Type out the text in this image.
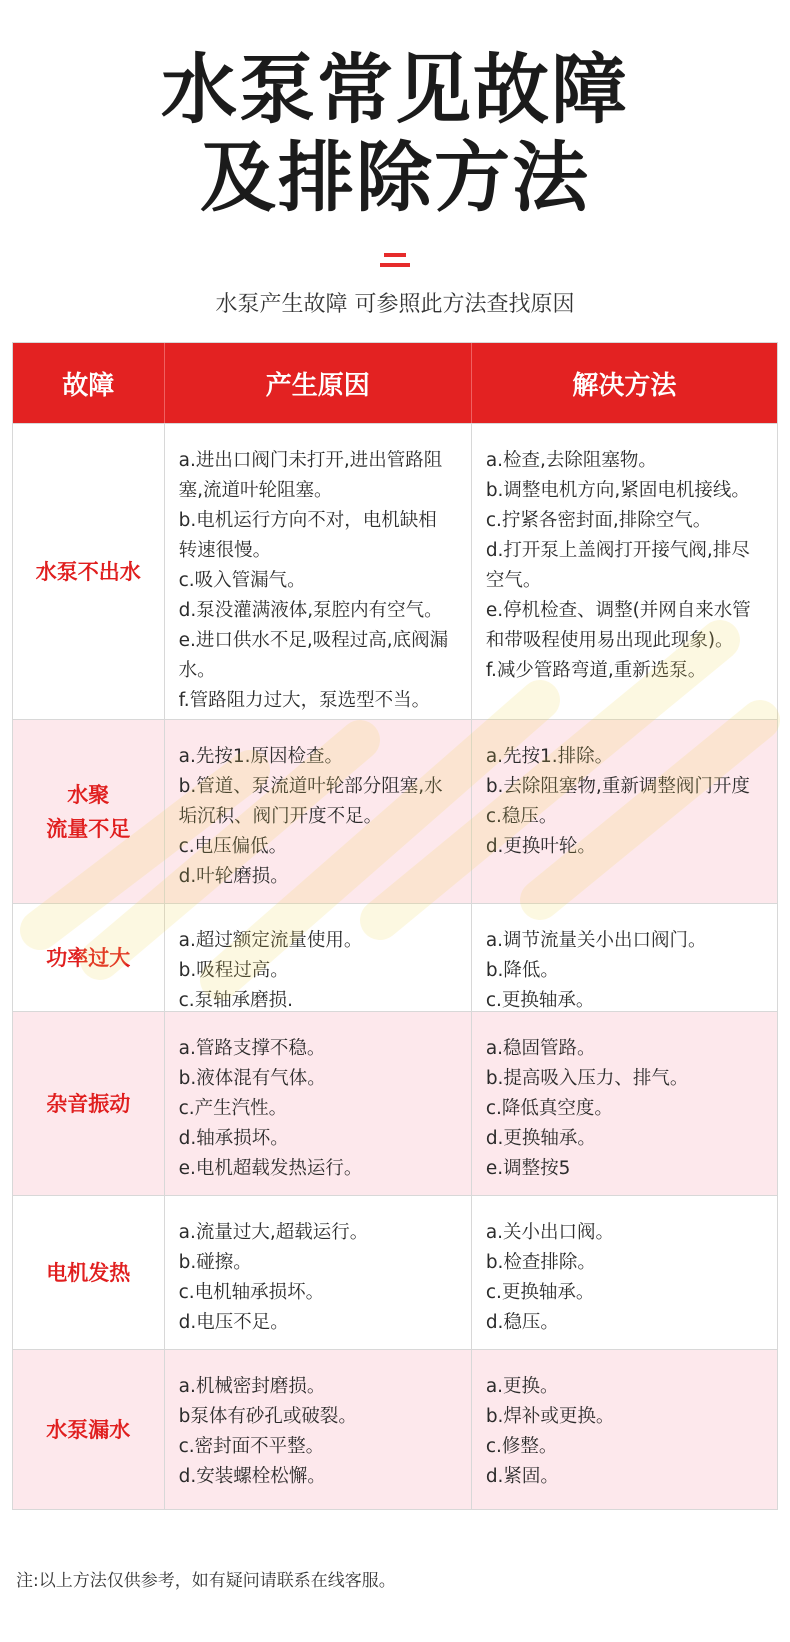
水泵常见故障
及排除方法
水泵产生故障 可参照此方法查找原因
故障	产生原因	解决方法
水泵不出水
a.进出口阀门未打开,进出管路阻
塞,流道叶轮阻塞。
b.电机运行方向不对，电机缺相
转速很慢。
c.吸入管漏气。
d.泵没灌满液体,泵腔内有空气。
e.进口供水不足,吸程过高,底阀漏
水。
f.管路阻力过大，泵选型不当。
a.检查,去除阻塞物。
b.调整电机方向,紧固电机接线。
c.拧紧各密封面,排除空气。
d.打开泵上盖阀打开接气阀,排尽
空气。
e.停机检查、调整(并网自来水管
和带吸程使用易出现此现象)。
f.减少管路弯道,重新选泵。
水聚
流量不足
a.先按1.原因检查。
b.管道、泵流道叶轮部分阻塞,水
垢沉积、阀门开度不足。
c.电压偏低。
d.叶轮磨损。
a.先按1.排除。
b.去除阻塞物,重新调整阀门开度
c.稳压。
d.更换叶轮。
功率过大
a.超过额定流量使用。
b.吸程过高。
c.泵轴承磨损.
a.调节流量关小出口阀门。
b.降低。
c.更换轴承。
杂音振动
a.管路支撑不稳。
b.液体混有气体。
c.产生汽性。
d.轴承损坏。
e.电机超载发热运行。
a.稳固管路。
b.提高吸入压力、排气。
c.降低真空度。
d.更换轴承。
e.调整按5
电机发热
a.流量过大,超载运行。
b.碰擦。
c.电机轴承损坏。
d.电压不足。
a.关小出口阀。
b.检查排除。
c.更换轴承。
d.稳压。
水泵漏水
a.机械密封磨损。
b泵体有砂孔或破裂。
c.密封面不平整。
d.安装螺栓松懈。
a.更换。
b.焊补或更换。
c.修整。
d.紧固。
注:以上方法仅供参考，如有疑问请联系在线客服。
